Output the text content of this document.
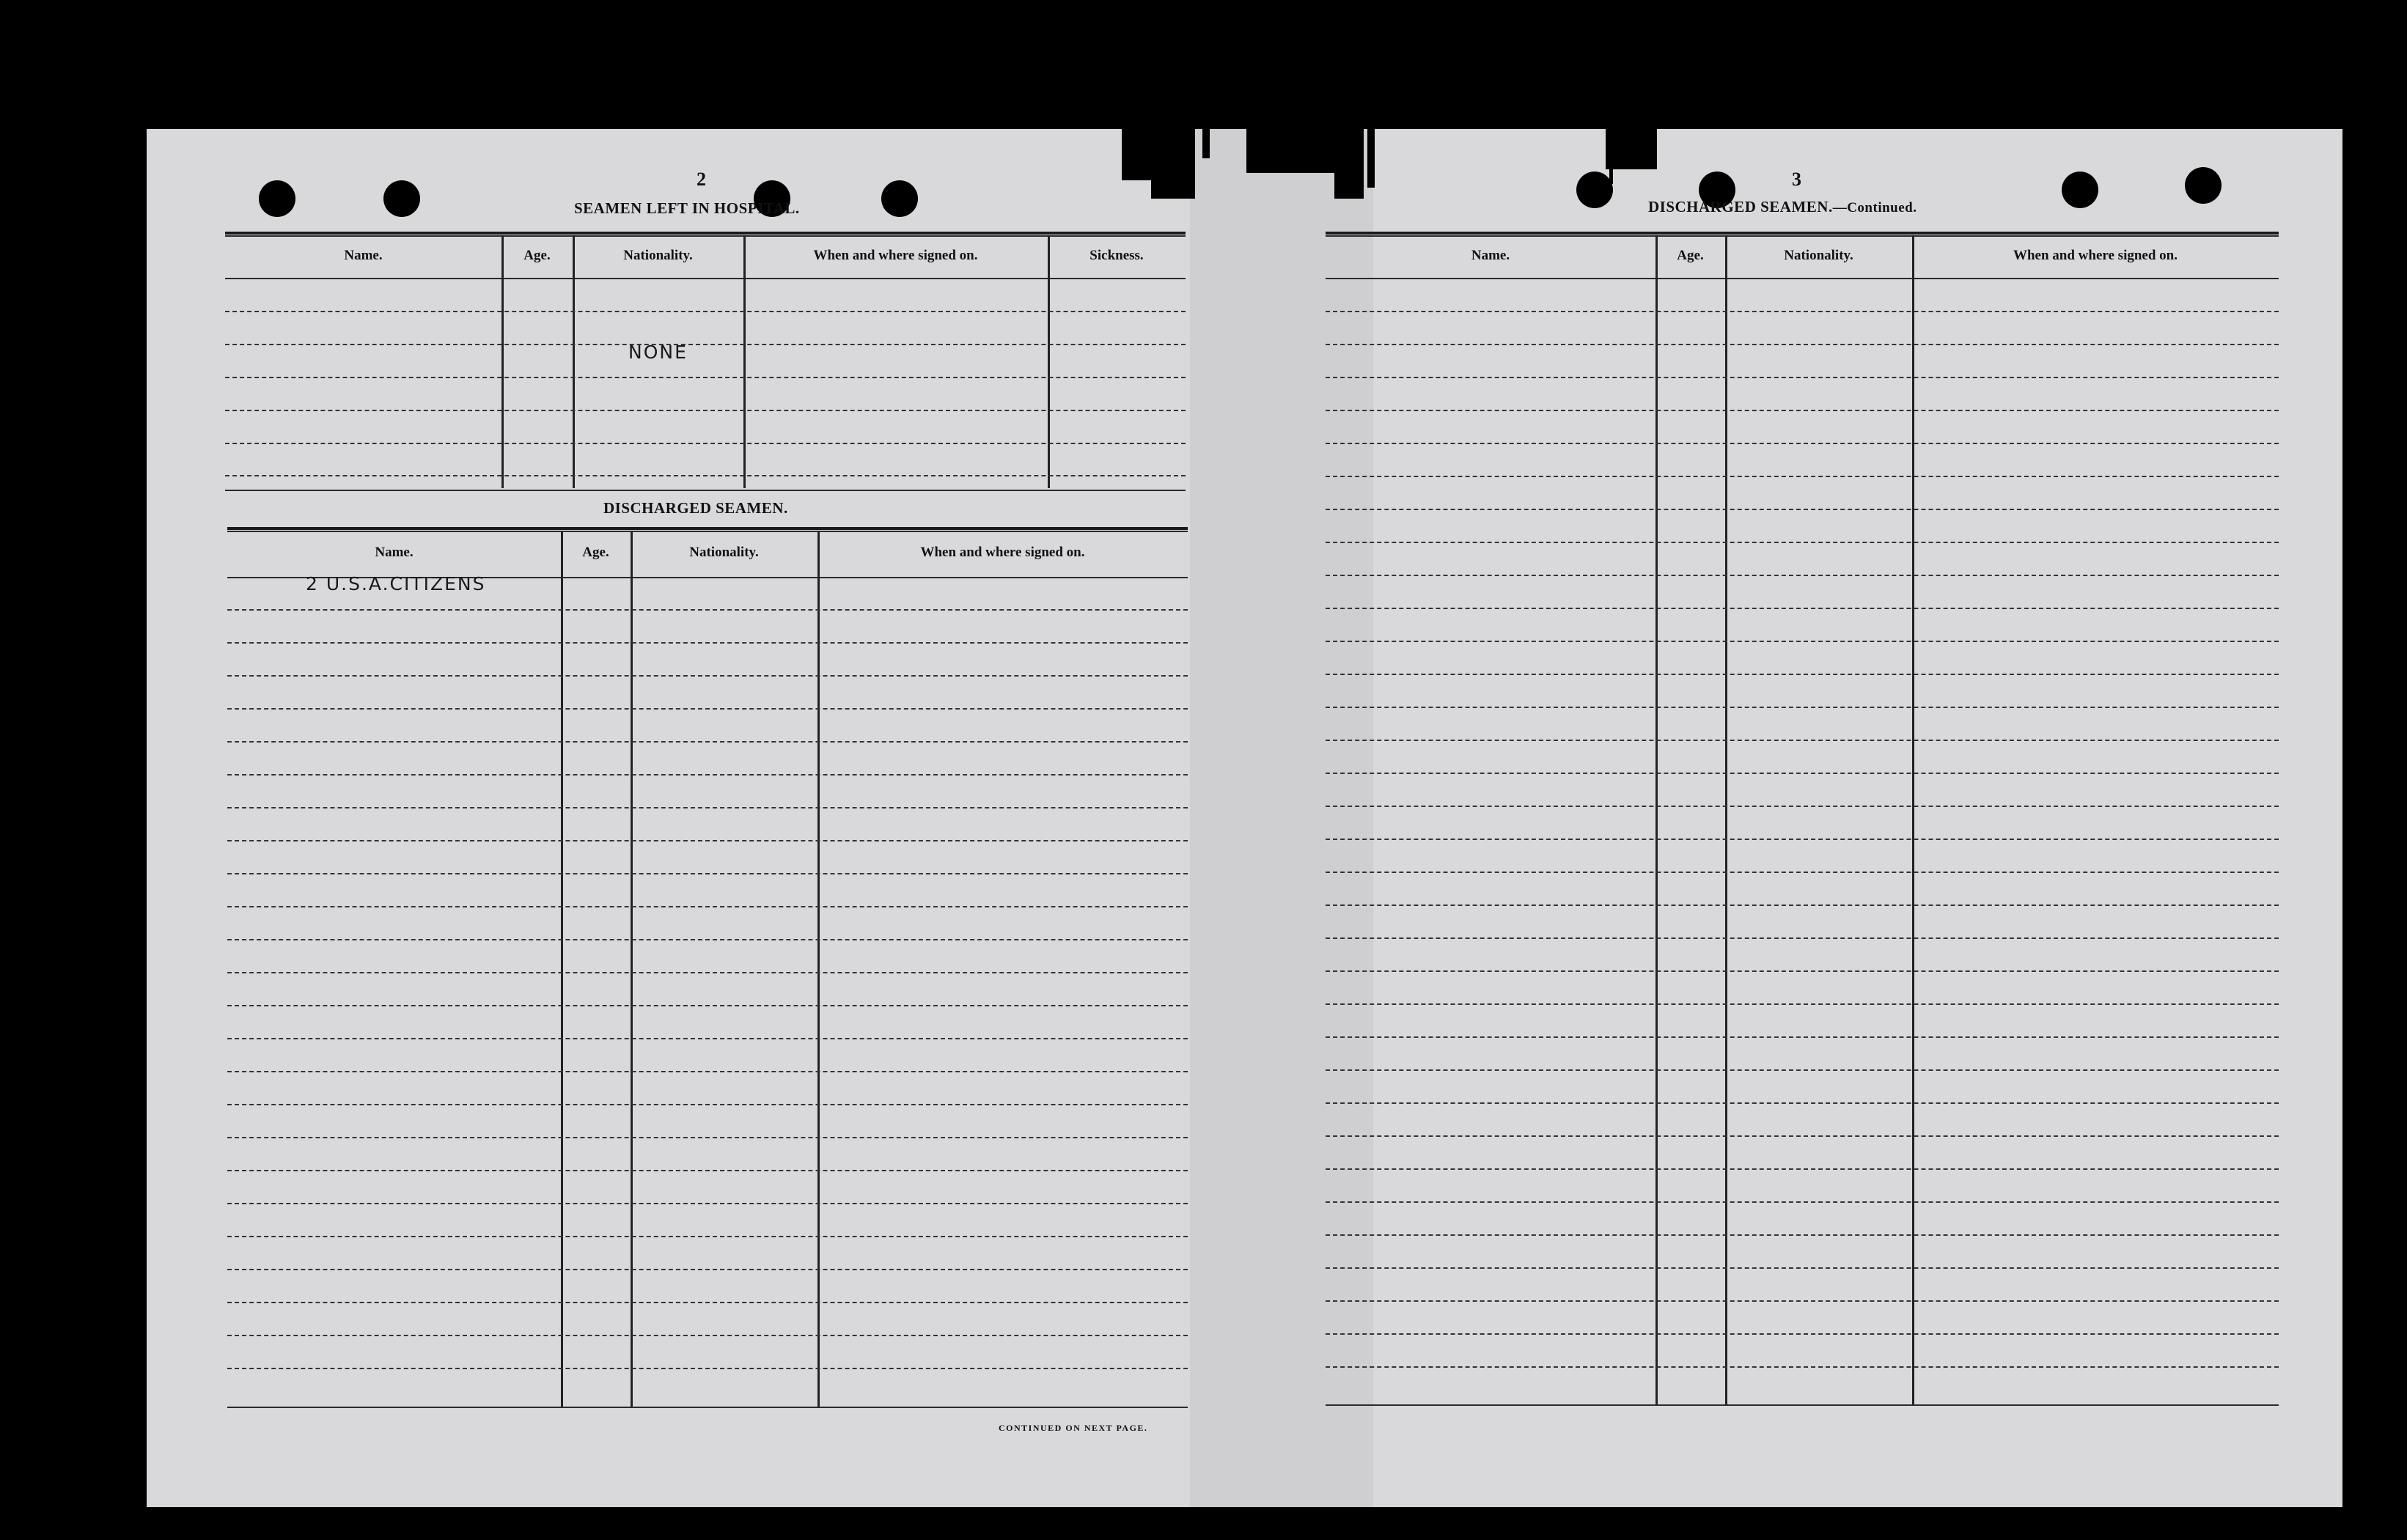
2
SEAMEN LEFT IN HOSPITAL.
Name.	Age.	Nationality.	When and where signed on.	Sickness.
NONE
DISCHARGED SEAMEN.
Name.	Age.	Nationality.	When and where signed on.
2 U.S.A.CITIZENS
CONTINUED ON NEXT PAGE.
3
DISCHARGED SEAMEN.—Continued.
Name.	Age.	Nationality.	When and where signed on.
